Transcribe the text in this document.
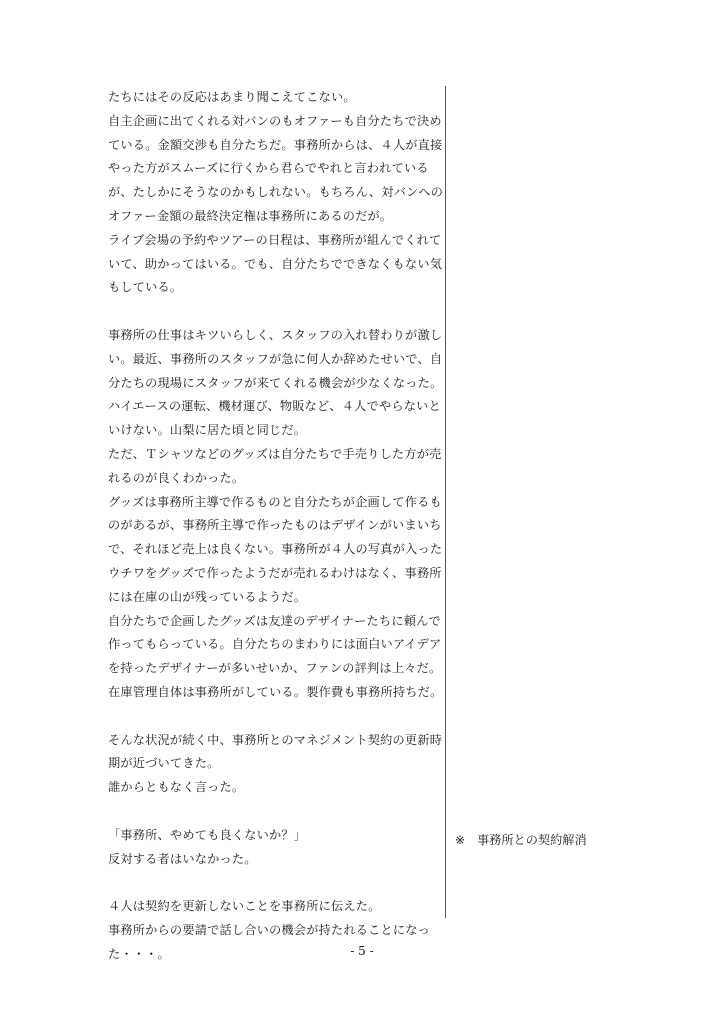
たちにはその反応はあまり聞こえてこない。
自主企画に出てくれる対バンのもオファーも自分たちで決め
ている。金額交渉も自分たちだ。事務所からは、４人が直接
やった方がスムーズに行くから君らでやれと言われている
が、たしかにそうなのかもしれない。もちろん、対バンへの
オファー金額の最終決定権は事務所にあるのだが。
ライブ会場の予約やツアーの日程は、事務所が組んでくれて
いて、助かってはいる。でも、自分たちでできなくもない気
もしている。
事務所の仕事はキツいらしく、スタッフの入れ替わりが激し
い。最近、事務所のスタッフが急に何人か辞めたせいで、自
分たちの現場にスタッフが来てくれる機会が少なくなった。
ハイエースの運転、機材運び、物販など、４人でやらないと
いけない。山梨に居た頃と同じだ。
ただ、Ｔシャツなどのグッズは自分たちで手売りした方が売
れるのが良くわかった。
グッズは事務所主導で作るものと自分たちが企画して作るも
のがあるが、事務所主導で作ったものはデザインがいまいち
で、それほど売上は良くない。事務所が４人の写真が入った
ウチワをグッズで作ったようだが売れるわけはなく、事務所
には在庫の山が残っているようだ。
自分たちで企画したグッズは友達のデザイナーたちに頼んで
作ってもらっている。自分たちのまわりには面白いアイデア
を持ったデザイナーが多いせいか、ファンの評判は上々だ。
在庫管理自体は事務所がしている。製作費も事務所持ちだ。
そんな状況が続く中、事務所とのマネジメント契約の更新時
期が近づいてきた。
誰からともなく言った。
「事務所、やめても良くないか？」
反対する者はいなかった。
４人は契約を更新しないことを事務所に伝えた。
事務所からの要請で話し合いの機会が持たれることになっ
た・・・。
※ 事務所との契約解消
- 5 -
